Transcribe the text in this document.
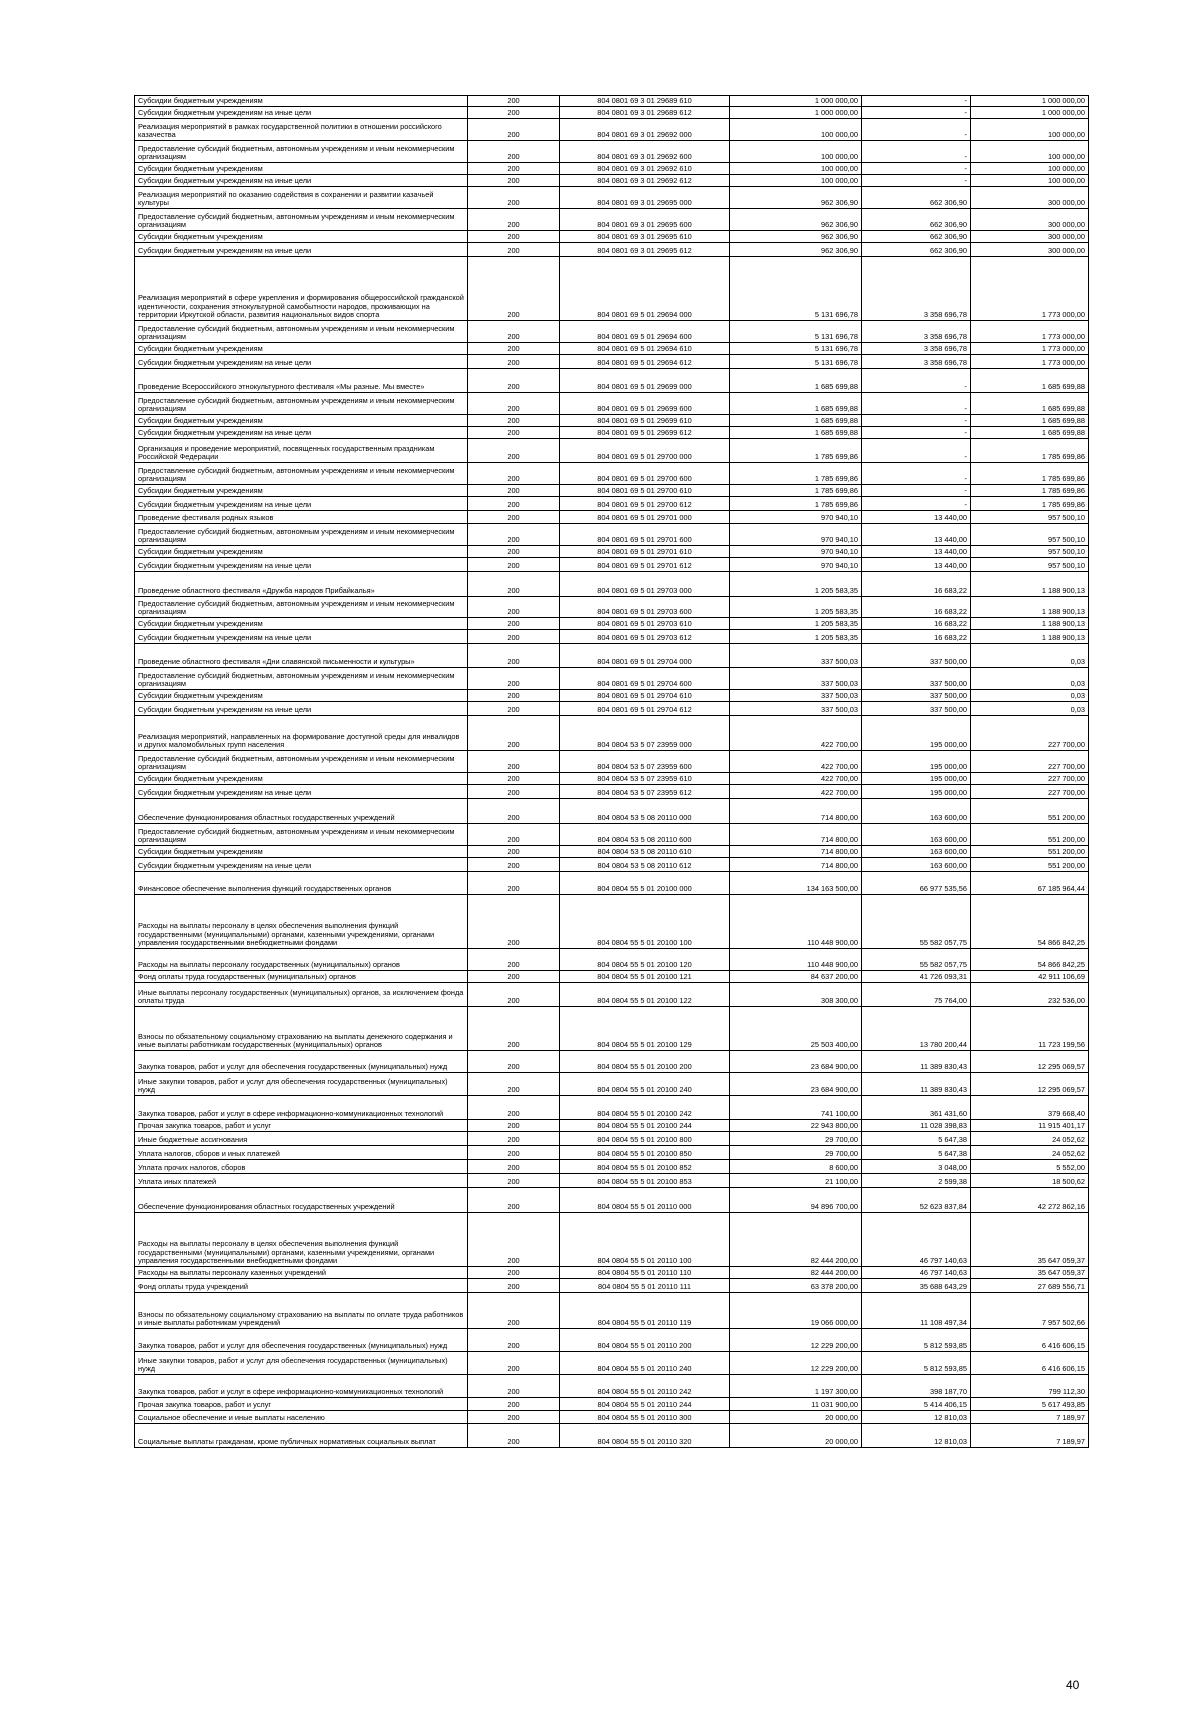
Субсидии бюджетным учреждениям	200	804 0801 69 3 01 29689 610	1 000 000,00	-	1 000 000,00
Субсидии бюджетным учреждениям на иные цели	200	804 0801 69 3 01 29689 612	1 000 000,00	-	1 000 000,00
Реализация мероприятий в рамках государственной политики в отношении российского казачества	200	804 0801 69 3 01 29692 000	100 000,00	-	100 000,00
Предоставление субсидий бюджетным, автономным учреждениям и иным некоммерческим организациям	200	804 0801 69 3 01 29692 600	100 000,00	-	100 000,00
Субсидии бюджетным учреждениям	200	804 0801 69 3 01 29692 610	100 000,00	-	100 000,00
Субсидии бюджетным учреждениям на иные цели	200	804 0801 69 3 01 29692 612	100 000,00	-	100 000,00
Реализация мероприятий по оказанию содействия в сохранении и развитии казачьей культуры	200	804 0801 69 3 01 29695 000	962 306,90	662 306,90	300 000,00
Предоставление субсидий бюджетным, автономным учреждениям и иным некоммерческим организациям	200	804 0801 69 3 01 29695 600	962 306,90	662 306,90	300 000,00
Субсидии бюджетным учреждениям	200	804 0801 69 3 01 29695 610	962 306,90	662 306,90	300 000,00
Субсидии бюджетным учреждениям на иные цели	200	804 0801 69 3 01 29695 612	962 306,90	662 306,90	300 000,00
Реализация мероприятий в сфере укрепления и формирования общероссийской гражданской идентичности, сохранения этнокультурной самобытности народов, проживающих на территории Иркутской области, развития национальных видов спорта	200	804 0801 69 5 01 29694 000	5 131 696,78	3 358 696,78	1 773 000,00
Предоставление субсидий бюджетным, автономным учреждениям и иным некоммерческим организациям	200	804 0801 69 5 01 29694 600	5 131 696,78	3 358 696,78	1 773 000,00
Субсидии бюджетным учреждениям	200	804 0801 69 5 01 29694 610	5 131 696,78	3 358 696,78	1 773 000,00
Субсидии бюджетным учреждениям на иные цели	200	804 0801 69 5 01 29694 612	5 131 696,78	3 358 696,78	1 773 000,00
Проведение Всероссийского этнокультурного фестиваля «Мы разные. Мы вместе»	200	804 0801 69 5 01 29699 000	1 685 699,88	-	1 685 699,88
Предоставление субсидий бюджетным, автономным учреждениям и иным некоммерческим организациям	200	804 0801 69 5 01 29699 600	1 685 699,88	-	1 685 699,88
Субсидии бюджетным учреждениям	200	804 0801 69 5 01 29699 610	1 685 699,88	-	1 685 699,88
Субсидии бюджетным учреждениям на иные цели	200	804 0801 69 5 01 29699 612	1 685 699,88	-	1 685 699,88
Организация и проведение мероприятий, посвященных государственным праздникам Российской Федерации	200	804 0801 69 5 01 29700 000	1 785 699,86	-	1 785 699,86
Предоставление субсидий бюджетным, автономным учреждениям и иным некоммерческим организациям	200	804 0801 69 5 01 29700 600	1 785 699,86	-	1 785 699,86
Субсидии бюджетным учреждениям	200	804 0801 69 5 01 29700 610	1 785 699,86	-	1 785 699,86
Субсидии бюджетным учреждениям на иные цели	200	804 0801 69 5 01 29700 612	1 785 699,86	-	1 785 699,86
Проведение фестиваля родных языков	200	804 0801 69 5 01 29701 000	970 940,10	13 440,00	957 500,10
Предоставление субсидий бюджетным, автономным учреждениям и иным некоммерческим организациям	200	804 0801 69 5 01 29701 600	970 940,10	13 440,00	957 500,10
Субсидии бюджетным учреждениям	200	804 0801 69 5 01 29701 610	970 940,10	13 440,00	957 500,10
Субсидии бюджетным учреждениям на иные цели	200	804 0801 69 5 01 29701 612	970 940,10	13 440,00	957 500,10
Проведение областного фестиваля «Дружба народов Прибайкалья»	200	804 0801 69 5 01 29703 000	1 205 583,35	16 683,22	1 188 900,13
Предоставление субсидий бюджетным, автономным учреждениям и иным некоммерческим организациям	200	804 0801 69 5 01 29703 600	1 205 583,35	16 683,22	1 188 900,13
Субсидии бюджетным учреждениям	200	804 0801 69 5 01 29703 610	1 205 583,35	16 683,22	1 188 900,13
Субсидии бюджетным учреждениям на иные цели	200	804 0801 69 5 01 29703 612	1 205 583,35	16 683,22	1 188 900,13
Проведение областного фестиваля «Дни славянской письменности и культуры»	200	804 0801 69 5 01 29704 000	337 500,03	337 500,00	0,03
Предоставление субсидий бюджетным, автономным учреждениям и иным некоммерческим организациям	200	804 0801 69 5 01 29704 600	337 500,03	337 500,00	0,03
Субсидии бюджетным учреждениям	200	804 0801 69 5 01 29704 610	337 500,03	337 500,00	0,03
Субсидии бюджетным учреждениям на иные цели	200	804 0801 69 5 01 29704 612	337 500,03	337 500,00	0,03
Реализация мероприятий, направленных на формирование доступной среды для инвалидов и других маломобильных групп населения	200	804 0804 53 5 07 23959 000	422 700,00	195 000,00	227 700,00
Предоставление субсидий бюджетным, автономным учреждениям и иным некоммерческим организациям	200	804 0804 53 5 07 23959 600	422 700,00	195 000,00	227 700,00
Субсидии бюджетным учреждениям	200	804 0804 53 5 07 23959 610	422 700,00	195 000,00	227 700,00
Субсидии бюджетным учреждениям на иные цели	200	804 0804 53 5 07 23959 612	422 700,00	195 000,00	227 700,00
Обеспечение функционирования областных государственных учреждений	200	804 0804 53 5 08 20110 000	714 800,00	163 600,00	551 200,00
Предоставление субсидий бюджетным, автономным учреждениям и иным некоммерческим организациям	200	804 0804 53 5 08 20110 600	714 800,00	163 600,00	551 200,00
Субсидии бюджетным учреждениям	200	804 0804 53 5 08 20110 610	714 800,00	163 600,00	551 200,00
Субсидии бюджетным учреждениям на иные цели	200	804 0804 53 5 08 20110 612	714 800,00	163 600,00	551 200,00
Финансовое обеспечение выполнения функций государственных органов	200	804 0804 55 5 01 20100 000	134 163 500,00	66 977 535,56	67 185 964,44
Расходы на выплаты персоналу в целях обеспечения выполнения функций государственными (муниципальными) органами, казенными учреждениями, органами управления государственными внебюджетными фондами	200	804 0804 55 5 01 20100 100	110 448 900,00	55 582 057,75	54 866 842,25
Расходы на выплаты персоналу государственных (муниципальных) органов	200	804 0804 55 5 01 20100 120	110 448 900,00	55 582 057,75	54 866 842,25
Фонд оплаты труда государственных (муниципальных) органов	200	804 0804 55 5 01 20100 121	84 637 200,00	41 726 093,31	42 911 106,69
Иные выплаты персоналу государственных (муниципальных) органов, за исключением фонда оплаты труда	200	804 0804 55 5 01 20100 122	308 300,00	75 764,00	232 536,00
Взносы по обязательному социальному страхованию на выплаты денежного содержания и иные выплаты работникам государственных (муниципальных) органов	200	804 0804 55 5 01 20100 129	25 503 400,00	13 780 200,44	11 723 199,56
Закупка товаров, работ и услуг для обеспечения государственных (муниципальных) нужд	200	804 0804 55 5 01 20100 200	23 684 900,00	11 389 830,43	12 295 069,57
Иные закупки товаров, работ и услуг для обеспечения государственных (муниципальных) нужд	200	804 0804 55 5 01 20100 240	23 684 900,00	11 389 830,43	12 295 069,57
Закупка товаров, работ и услуг в сфере информационно-коммуникационных технологий	200	804 0804 55 5 01 20100 242	741 100,00	361 431,60	379 668,40
Прочая закупка товаров, работ и услуг	200	804 0804 55 5 01 20100 244	22 943 800,00	11 028 398,83	11 915 401,17
Иные бюджетные ассигнования	200	804 0804 55 5 01 20100 800	29 700,00	5 647,38	24 052,62
Уплата налогов, сборов и иных платежей	200	804 0804 55 5 01 20100 850	29 700,00	5 647,38	24 052,62
Уплата прочих налогов, сборов	200	804 0804 55 5 01 20100 852	8 600,00	3 048,00	5 552,00
Уплата иных платежей	200	804 0804 55 5 01 20100 853	21 100,00	2 599,38	18 500,62
Обеспечение функционирования областных государственных учреждений	200	804 0804 55 5 01 20110 000	94 896 700,00	52 623 837,84	42 272 862,16
Расходы на выплаты персоналу в целях обеспечения выполнения функций государственными (муниципальными) органами, казенными учреждениями, органами управления государственными внебюджетными фондами	200	804 0804 55 5 01 20110 100	82 444 200,00	46 797 140,63	35 647 059,37
Расходы на выплаты персоналу казенных учреждений	200	804 0804 55 5 01 20110 110	82 444 200,00	46 797 140,63	35 647 059,37
Фонд оплаты труда учреждений	200	804 0804 55 5 01 20110 111	63 378 200,00	35 688 643,29	27 689 556,71
Взносы по обязательному социальному страхованию на выплаты по оплате труда работников и иные выплаты работникам учреждений	200	804 0804 55 5 01 20110 119	19 066 000,00	11 108 497,34	7 957 502,66
Закупка товаров, работ и услуг для обеспечения государственных (муниципальных) нужд	200	804 0804 55 5 01 20110 200	12 229 200,00	5 812 593,85	6 416 606,15
Иные закупки товаров, работ и услуг для обеспечения государственных (муниципальных) нужд	200	804 0804 55 5 01 20110 240	12 229 200,00	5 812 593,85	6 416 606,15
Закупка товаров, работ и услуг в сфере информационно-коммуникационных технологий	200	804 0804 55 5 01 20110 242	1 197 300,00	398 187,70	799 112,30
Прочая закупка товаров, работ и услуг	200	804 0804 55 5 01 20110 244	11 031 900,00	5 414 406,15	5 617 493,85
Социальное обеспечение и иные выплаты населению	200	804 0804 55 5 01 20110 300	20 000,00	12 810,03	7 189,97
Социальные выплаты гражданам, кроме публичных нормативных социальных выплат	200	804 0804 55 5 01 20110 320	20 000,00	12 810,03	7 189,97
40
